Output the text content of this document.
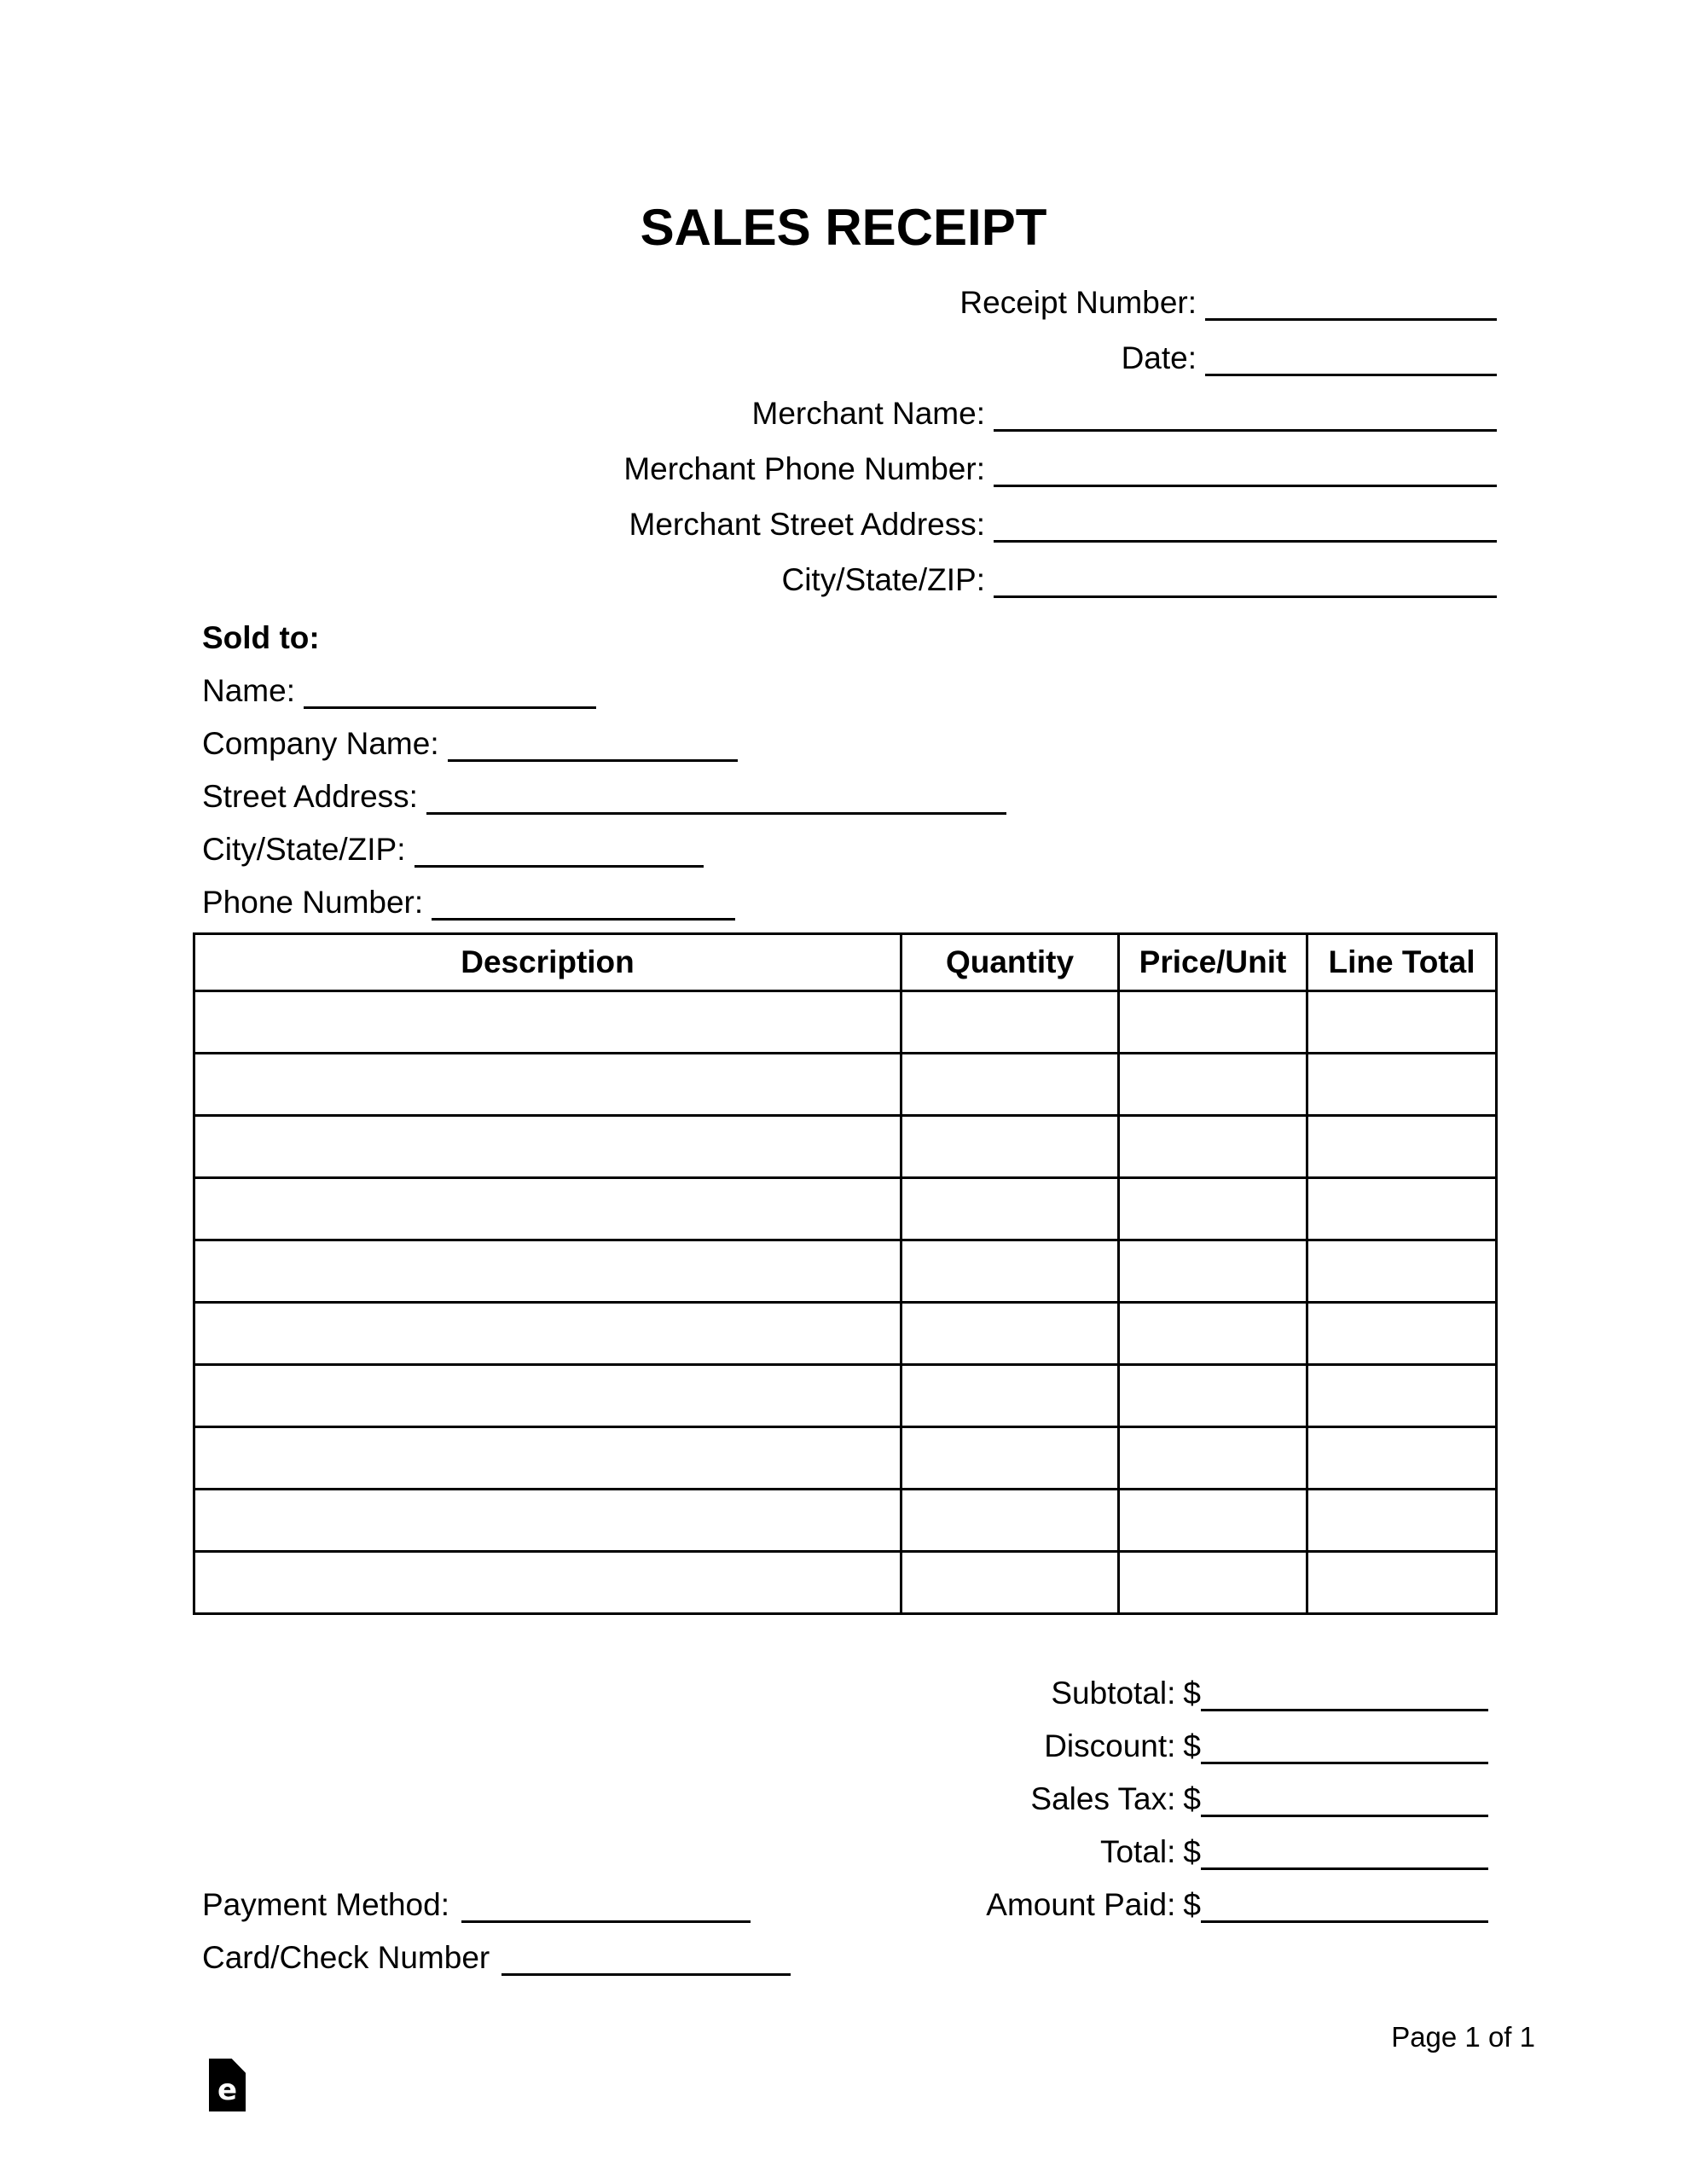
SALES RECEIPT
Receipt Number:
Date:
Merchant Name:
Merchant Phone Number:
Merchant Street Address:
City/State/ZIP:
Sold to:
Name:
Company Name:
Street Address:
City/State/ZIP:
Phone Number:
Description	Quantity	Price/Unit	Line Total

Subtotal: $
Discount: $
Sales Tax: $
Total: $
Payment Method:	Amount Paid: $
Card/Check Number
Page 1 of 1
e
